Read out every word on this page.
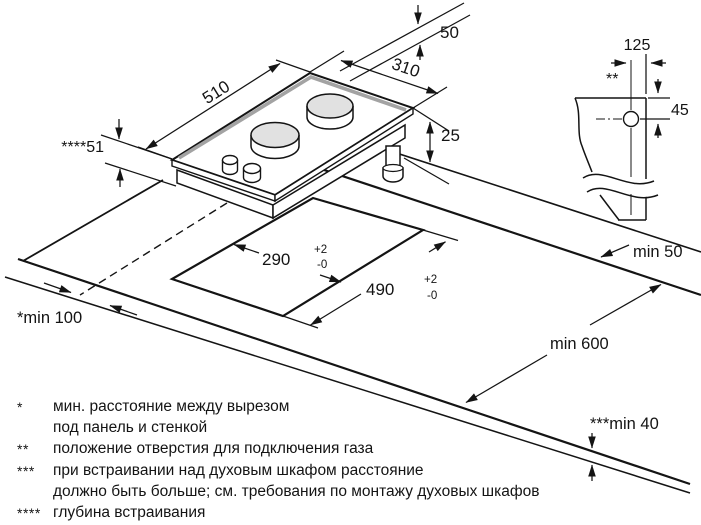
290 +2
-0
490	+2
-0
50
310
510
25
****51
min 50
min 600
***min 40
*min 100
125
**
45
*	мин. расстояние между вырезом
под панель и стенкой
**	положение отверстия для подключения газа
***	при встраивании над духовым шкафом расстояние
должно быть больше; см. требования по монтажу духовых шкафов
**** глубина встраивания
